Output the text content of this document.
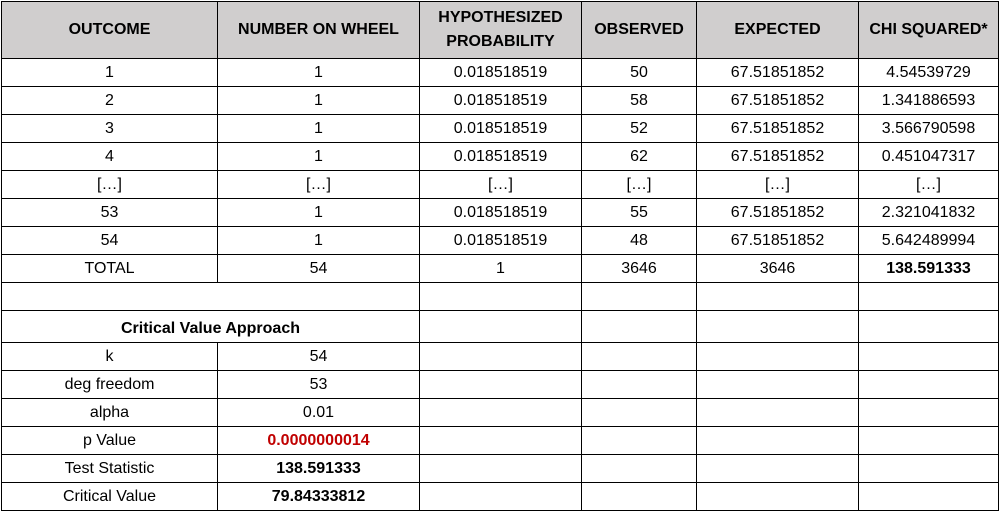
OUTCOME	NUMBER ON WHEEL	HYPOTHESIZED PROBABILITY	OBSERVED	EXPECTED	CHI SQUARED*
1	1	0.018518519	50	67.51851852	4.54539729
2	1	0.018518519	58	67.51851852	1.341886593
3	1	0.018518519	52	67.51851852	3.566790598
4	1	0.018518519	62	67.51851852	0.451047317
[…]	[…]	[…]	[…]	[…]	[…]
53	1	0.018518519	55	67.51851852	2.321041832
54	1	0.018518519	48	67.51851852	5.642489994
TOTAL	54	1	3646	3646	138.591333

Critical Value Approach					
k	54				
deg freedom	53				
alpha	0.01				
p Value	0.0000000014				
Test Statistic	138.591333				
Critical Value	79.84333812				
